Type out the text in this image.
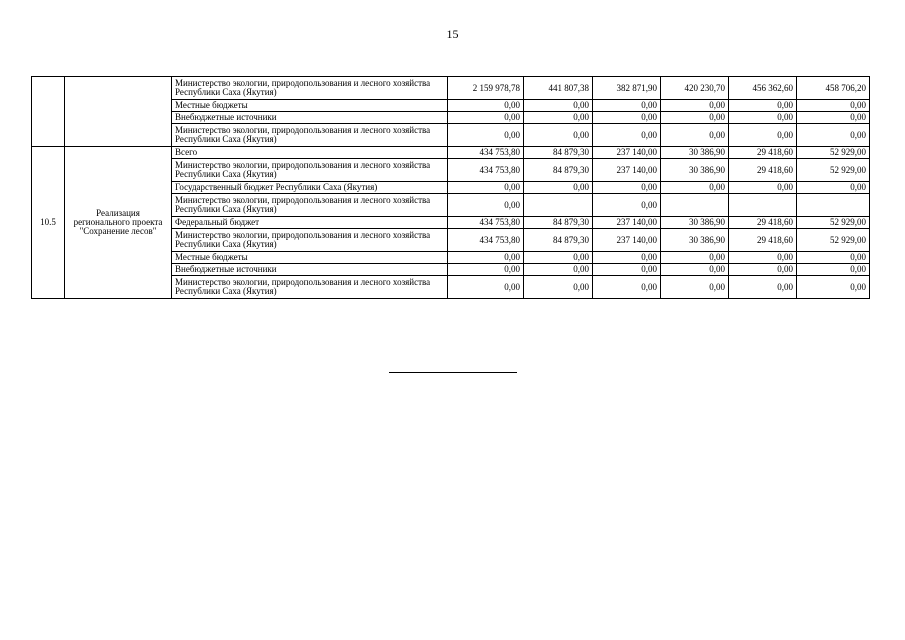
15
		Министерство экологии, природопользования и лесного хозяйства Республики Саха (Якутия)	2 159 978,78	441 807,38	382 871,90	420 230,70	456 362,60	458 706,20
		Местные бюджеты	0,00	0,00	0,00	0,00	0,00	0,00
		Внебюджетные источники	0,00	0,00	0,00	0,00	0,00	0,00
		Министерство экологии, природопользования и лесного хозяйства Республики Саха (Якутия)	0,00	0,00	0,00	0,00	0,00	0,00
10.5	Реализация регионального проекта "Сохранение лесов"	Всего	434 753,80	84 879,30	237 140,00	30 386,90	29 418,60	52 929,00
		Министерство экологии, природопользования и лесного хозяйства Республики Саха (Якутия)	434 753,80	84 879,30	237 140,00	30 386,90	29 418,60	52 929,00
		Государственный бюджет Республики Саха (Якутия)	0,00	0,00	0,00	0,00	0,00	0,00
		Министерство экологии, природопользования и лесного хозяйства Республики Саха (Якутия)	0,00		0,00			
		Федеральный бюджет	434 753,80	84 879,30	237 140,00	30 386,90	29 418,60	52 929,00
		Министерство экологии, природопользования и лесного хозяйства Республики Саха (Якутия)	434 753,80	84 879,30	237 140,00	30 386,90	29 418,60	52 929,00
		Местные бюджеты	0,00	0,00	0,00	0,00	0,00	0,00
		Внебюджетные источники	0,00	0,00	0,00	0,00	0,00	0,00
		Министерство экологии, природопользования и лесного хозяйства Республики Саха (Якутия)	0,00	0,00	0,00	0,00	0,00	0,00
